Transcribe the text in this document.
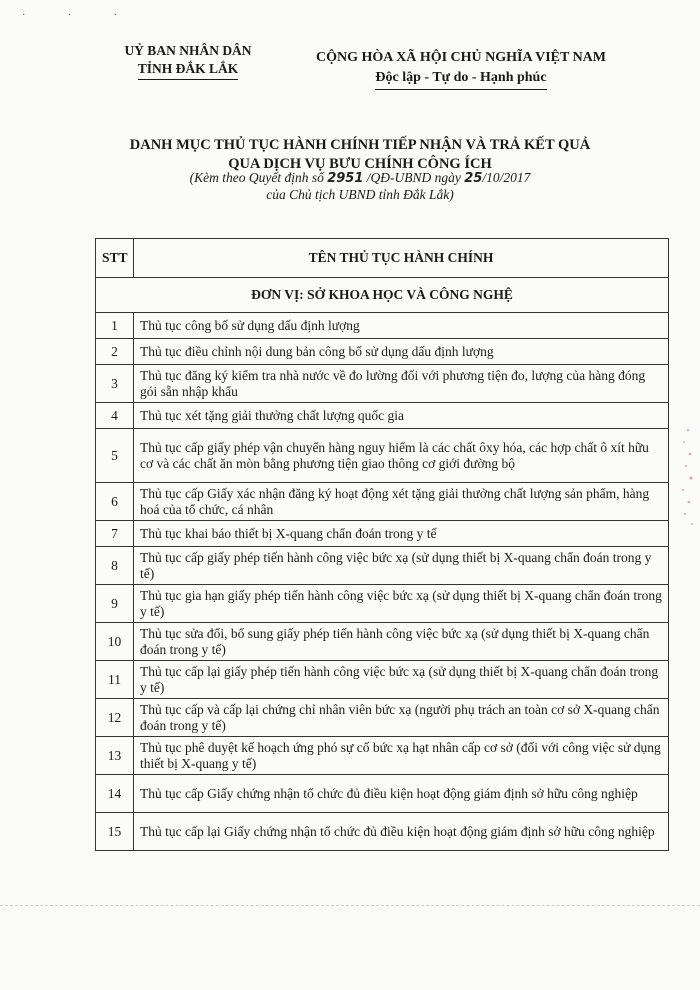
· · ·
UỶ BAN NHÂN DÂN
TỈNH ĐẮK LẮK
CỘNG HÒA XÃ HỘI CHỦ NGHĨA VIỆT NAM
Độc lập - Tự do - Hạnh phúc
DANH MỤC THỦ TỤC HÀNH CHÍNH TIẾP NHẬN VÀ TRẢ KẾT QUẢ
QUA DỊCH VỤ BƯU CHÍNH CÔNG ÍCH
(Kèm theo Quyết định số 2951 /QĐ-UBND ngày 25/10/2017
của Chủ tịch UBND tỉnh Đắk Lắk)
STT	TÊN THỦ TỤC HÀNH CHÍNH
ĐƠN VỊ: SỞ KHOA HỌC VÀ CÔNG NGHỆ	
1	Thủ tục công bố sử dụng dấu định lượng
2	Thủ tục điều chỉnh nội dung bản công bố sử dụng dấu định lượng
3	Thủ tục đăng ký kiểm tra nhà nước về đo lường đối với phương tiện đo, lượng của hàng đóng gói sẵn nhập khẩu
4	Thủ tục xét tặng giải thưởng chất lượng quốc gia
5	Thủ tục cấp giấy phép vận chuyển hàng nguy hiểm là các chất ôxy hóa, các hợp chất ô xít hữu cơ và các chất ăn mòn bằng phương tiện giao thông cơ giới đường bộ
6	Thủ tục cấp Giấy xác nhận đăng ký hoạt động xét tặng giải thưởng chất lượng sản phẩm, hàng hoá của tổ chức, cá nhân
7	Thủ tục khai báo thiết bị X-quang chẩn đoán trong y tế
8	Thủ tục cấp giấy phép tiến hành công việc bức xạ (sử dụng thiết bị X-quang chẩn đoán trong y tế)
9	Thủ tục gia hạn giấy phép tiến hành công việc bức xạ (sử dụng thiết bị X-quang chẩn đoán trong y tế)
10	Thủ tục sửa đổi, bổ sung giấy phép tiến hành công việc bức xạ (sử dụng thiết bị X-quang chẩn đoán trong y tế)
11	Thủ tục cấp lại giấy phép tiến hành công việc bức xạ (sử dụng thiết bị X-quang chẩn đoán trong y tế)
12	Thủ tục cấp và cấp lại chứng chỉ nhân viên bức xạ (người phụ trách an toàn cơ sở X-quang chẩn đoán trong y tế)
13	Thủ tục phê duyệt kế hoạch ứng phó sự cố bức xạ hạt nhân cấp cơ sở (đối với công việc sử dụng thiết bị X-quang y tế)
14	Thủ tục cấp Giấy chứng nhận tổ chức đủ điều kiện hoạt động giám định sở hữu công nghiệp
15	Thủ tục cấp lại Giấy chứng nhận tổ chức đủ điều kiện hoạt động giám định sở hữu công nghiệp
